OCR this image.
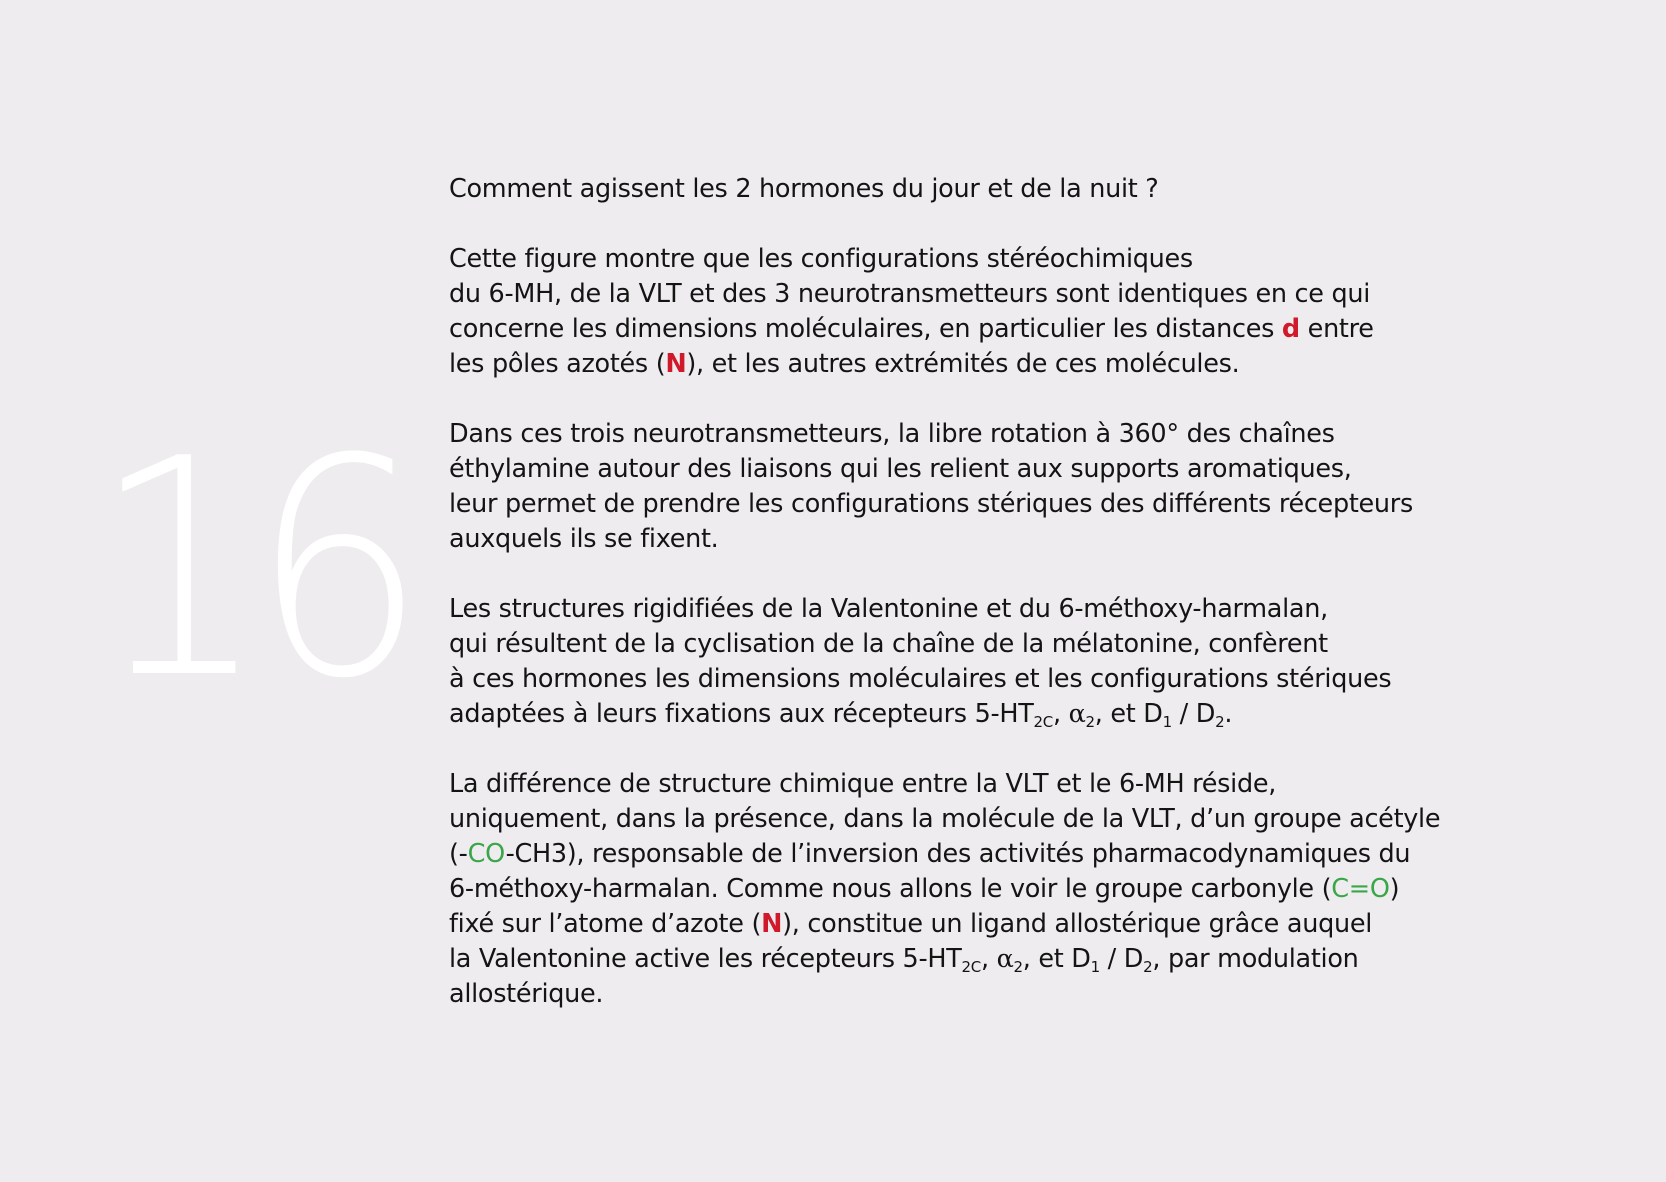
16

Comment agissent les 2 hormones du jour et de la nuit ?

Cette figure montre que les configurations stéréochimiques
du 6-MH, de la VLT et des 3 neurotransmetteurs sont identiques en ce qui
concerne les dimensions moléculaires, en particulier les distances d entre
les pôles azotés (N), et les autres extrémités de ces molécules.

Dans ces trois neurotransmetteurs, la libre rotation à 360° des chaînes
éthylamine autour des liaisons qui les relient aux supports aromatiques,
leur permet de prendre les configurations stériques des différents récepteurs
auxquels ils se fixent.

Les structures rigidifiées de la Valentonine et du 6-méthoxy-harmalan,
qui résultent de la cyclisation de la chaîne de la mélatonine, confèrent
à ces hormones les dimensions moléculaires et les configurations stériques
adaptées à leurs fixations aux récepteurs $5-HT_{2C}$, $\alpha_2$, et $D_1 / D_2$.

La différence de structure chimique entre la VLT et le 6-MH réside,
uniquement, dans la présence, dans la molécule de la VLT, d’un groupe acétyle
(-CO-CH3), responsable de l’inversion des activités pharmacodynamiques du
6-méthoxy-harmalan. Comme nous allons le voir le groupe carbonyle (C=O)
fixé sur l’atome d’azote (N), constitue un ligand allostérique grâce auquel
la Valentonine active les récepteurs $5-HT_{2C}$, $\alpha_2$, et $D_1 / D_2$, par modulation
allostérique.
